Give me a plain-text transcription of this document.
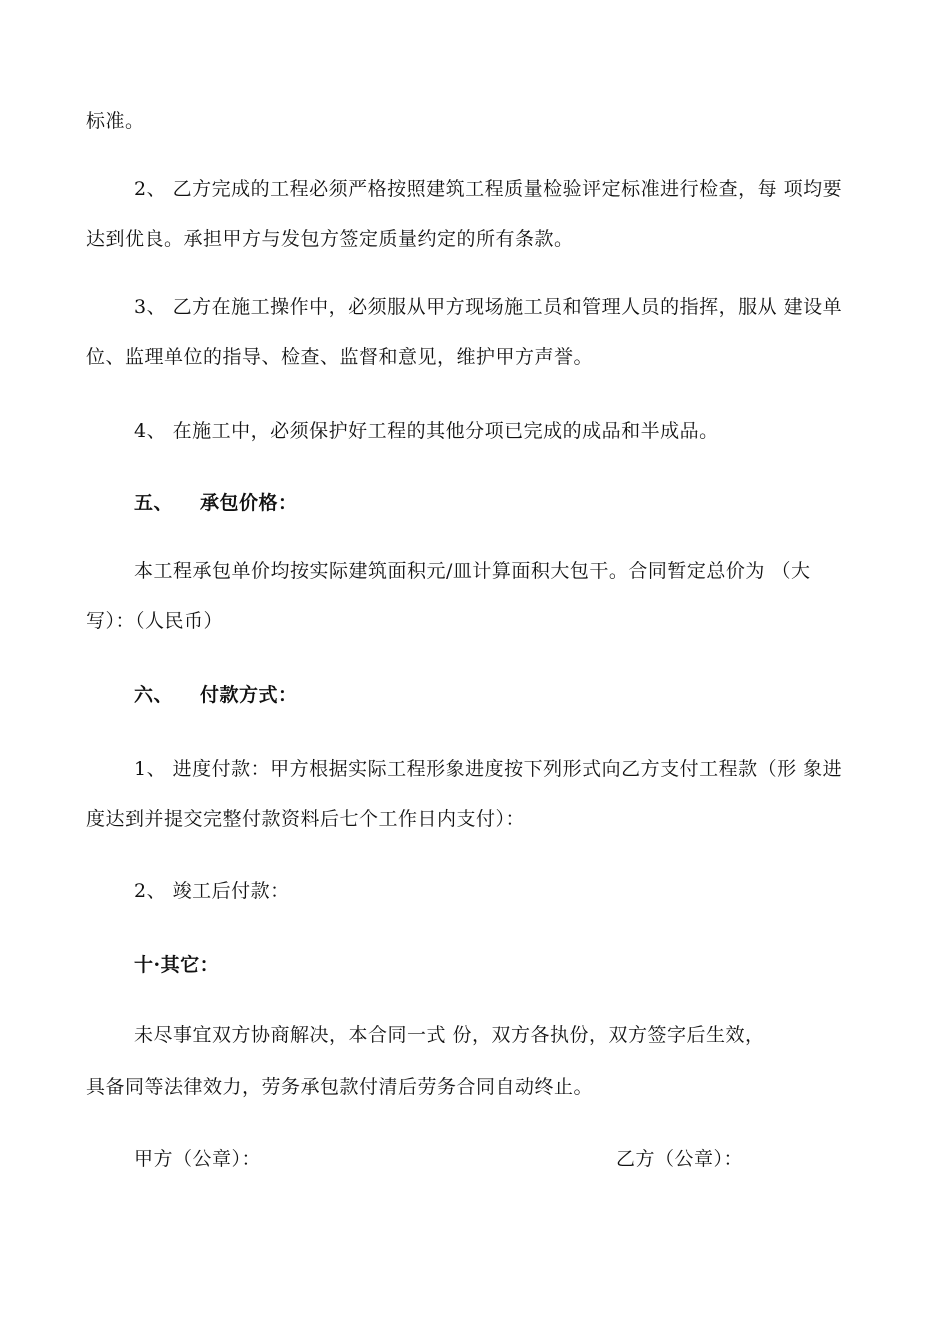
标准。
2、 乙方完成的工程必须严格按照建筑工程质量检验评定标准进行检查，每 项均要
达到优良。承担甲方与发包方签定质量约定的所有条款。
3、 乙方在施工操作中，必须服从甲方现场施工员和管理人员的指挥，服从 建设单
位、监理单位的指导、检查、监督和意见，维护甲方声誉。
4、 在施工中，必须保护好工程的其他分项已完成的成品和半成品。
五、 承包价格：
本工程承包单价均按实际建筑面积元/皿计算面积大包干。合同暂定总价为 （大
写）：（人民币）
六、 付款方式：
1、 进度付款：甲方根据实际工程形象进度按下列形式向乙方支付工程款（形 象进
度达到并提交完整付款资料后七个工作日内支付）：
2、 竣工后付款：
十·其它：
未尽事宜双方协商解决，本合同一式 份，双方各执份，双方签字后生效，
具备同等法律效力，劳务承包款付清后劳务合同自动终止。
甲方（公章）：	乙方（公章）：
